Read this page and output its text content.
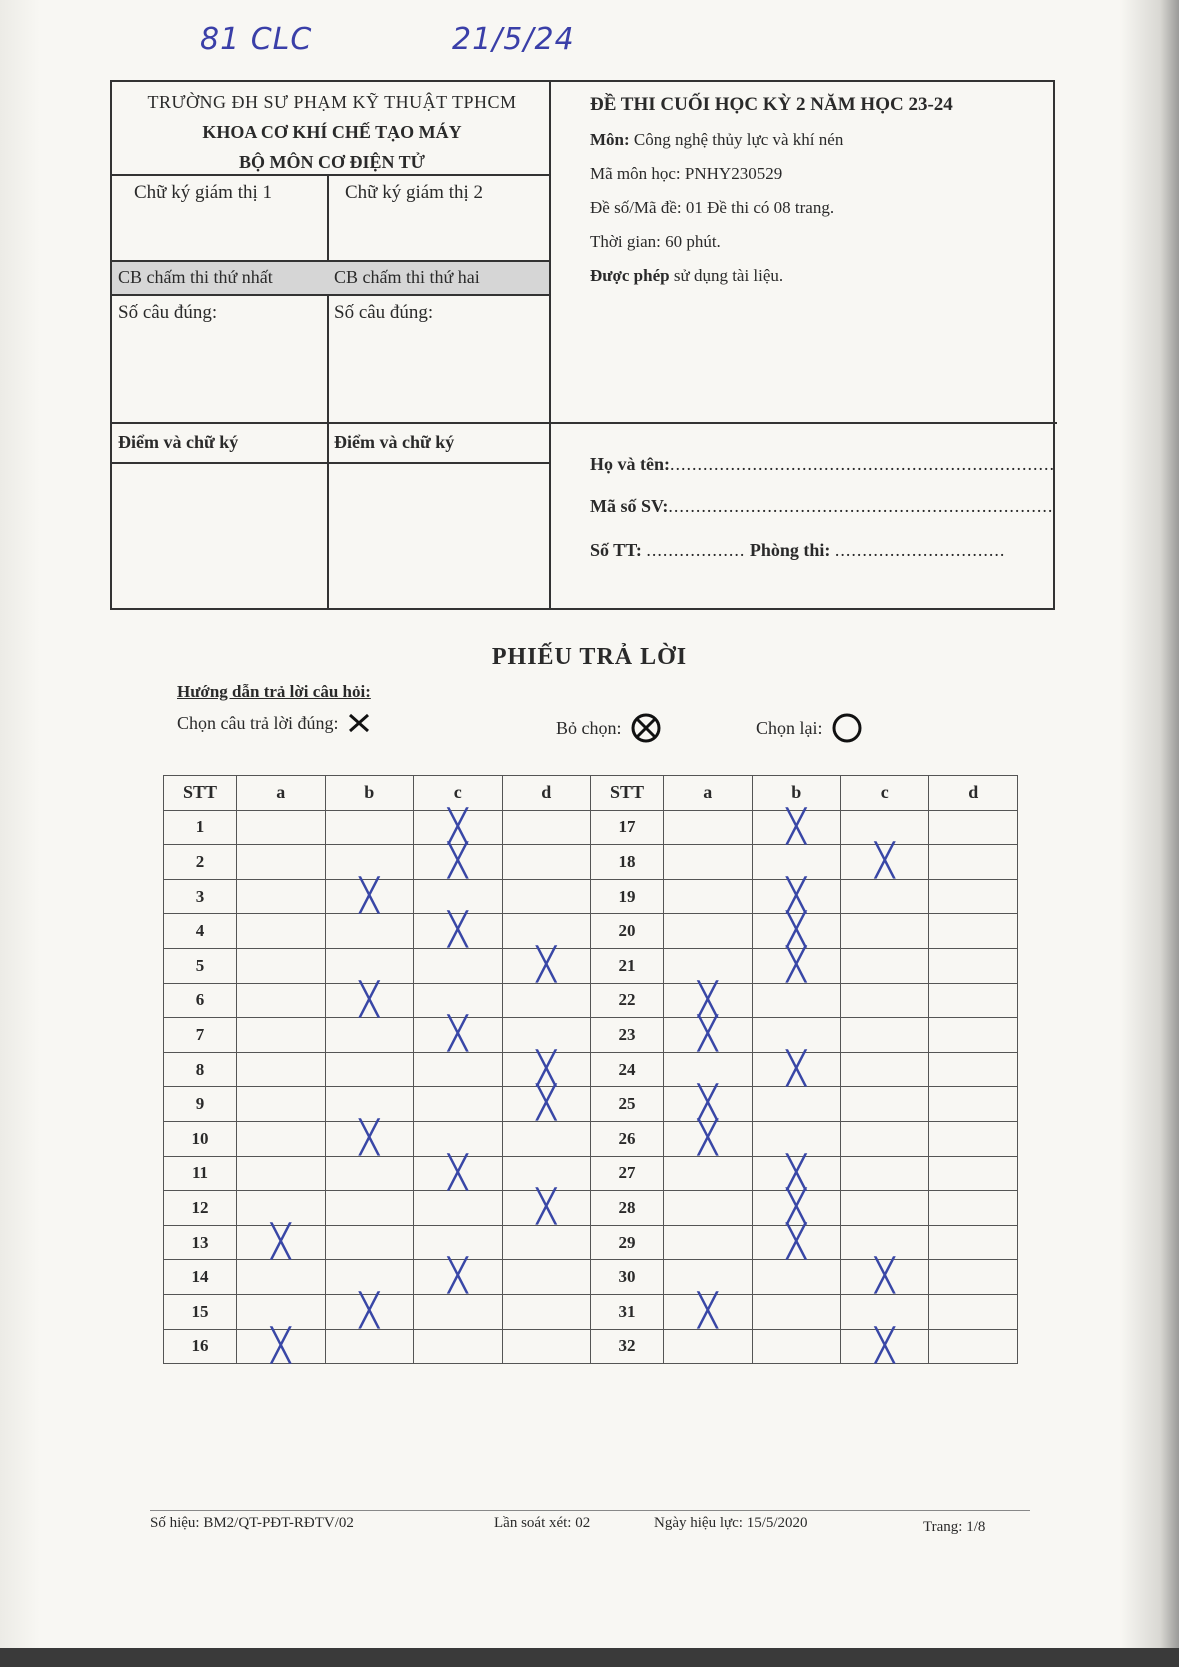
81 CLC	21/5/24
TRƯỜNG ĐH SƯ PHẠM KỸ THUẬT TPHCM
KHOA CƠ KHÍ CHẾ TẠO MÁY
BỘ MÔN CƠ ĐIỆN TỬ
Chữ ký giám thị 1	Chữ ký giám thị 2
CB chấm thi thứ nhất	CB chấm thi thứ hai
Số câu đúng:	Số câu đúng:
Điểm và chữ ký	Điểm và chữ ký
ĐỀ THI CUỐI HỌC KỲ 2 NĂM HỌC 23-24
Môn: Công nghệ thủy lực và khí nén
Mã môn học: PNHY230529
Đề số/Mã đề: 01 Đề thi có 08 trang.
Thời gian: 60 phút.
Được phép sử dụng tài liệu.
Họ và tên:......................................................................
Mã số SV:......................................................................
Số TT: .................. Phòng thi: ...............................
PHIẾU TRẢ LỜI
Hướng dẫn trả lời câu hỏi:
Chọn câu trả lời đúng:	Bỏ chọn:	Chọn lại:
STT	a	b	c	d	STT	a	b	c	d
1			╳		17		╳		

2			╳		18			╳	

3		╳			19		╳		

4			╳		20		╳		

5				╳	21		╳		

6		╳			22	╳			

7			╳		23	╳			

8				╳	24		╳		

9				╳	25	╳			

10		╳			26	╳			

11			╳		27		╳		

12				╳	28		╳		

13	╳				29		╳		

14			╳		30			╳	

15		╳			31	╳			

16	╳				32			╳	

Số hiệu: BM2/QT-PĐT-RĐTV/02	Lần soát xét: 02	Ngày hiệu lực: 15/5/2020	Trang: 1/8
